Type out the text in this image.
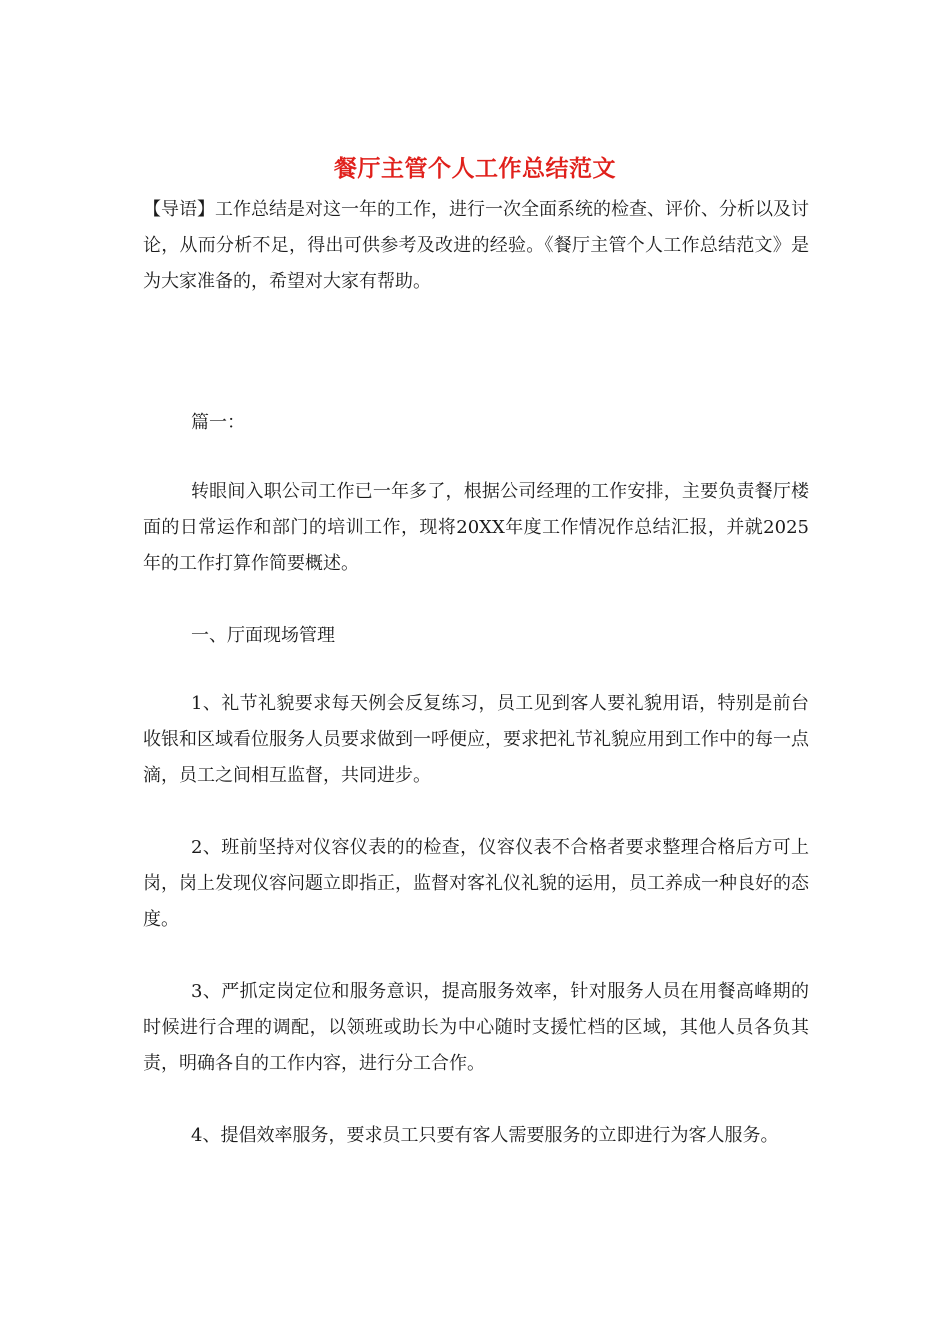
餐厅主管个人工作总结范文
【导语】工作总结是对这一年的工作，进行一次全面系统的检查、评价、分析以及讨论，从而分析不足，得出可供参考及改进的经验。《餐厅主管个人工作总结范文》是为大家准备的，希望对大家有帮助。
篇一：
转眼间入职公司工作已一年多了，根据公司经理的工作安排，主要负责餐厅楼面的日常运作和部门的培训工作，现将20XX年度工作情况作总结汇报，并就2025年的工作打算作简要概述。
一、厅面现场管理
1、礼节礼貌要求每天例会反复练习，员工见到客人要礼貌用语，特别是前台收银和区域看位服务人员要求做到一呼便应，要求把礼节礼貌应用到工作中的每一点滴，员工之间相互监督，共同进步。
2、班前坚持对仪容仪表的的检查，仪容仪表不合格者要求整理合格后方可上岗，岗上发现仪容问题立即指正，监督对客礼仪礼貌的运用，员工养成一种良好的态度。
3、严抓定岗定位和服务意识，提高服务效率，针对服务人员在用餐高峰期的时候进行合理的调配，以领班或助长为中心随时支援忙档的区域，其他人员各负其责，明确各自的工作内容，进行分工合作。
4、提倡效率服务，要求员工只要有客人需要服务的立即进行为客人服务。
